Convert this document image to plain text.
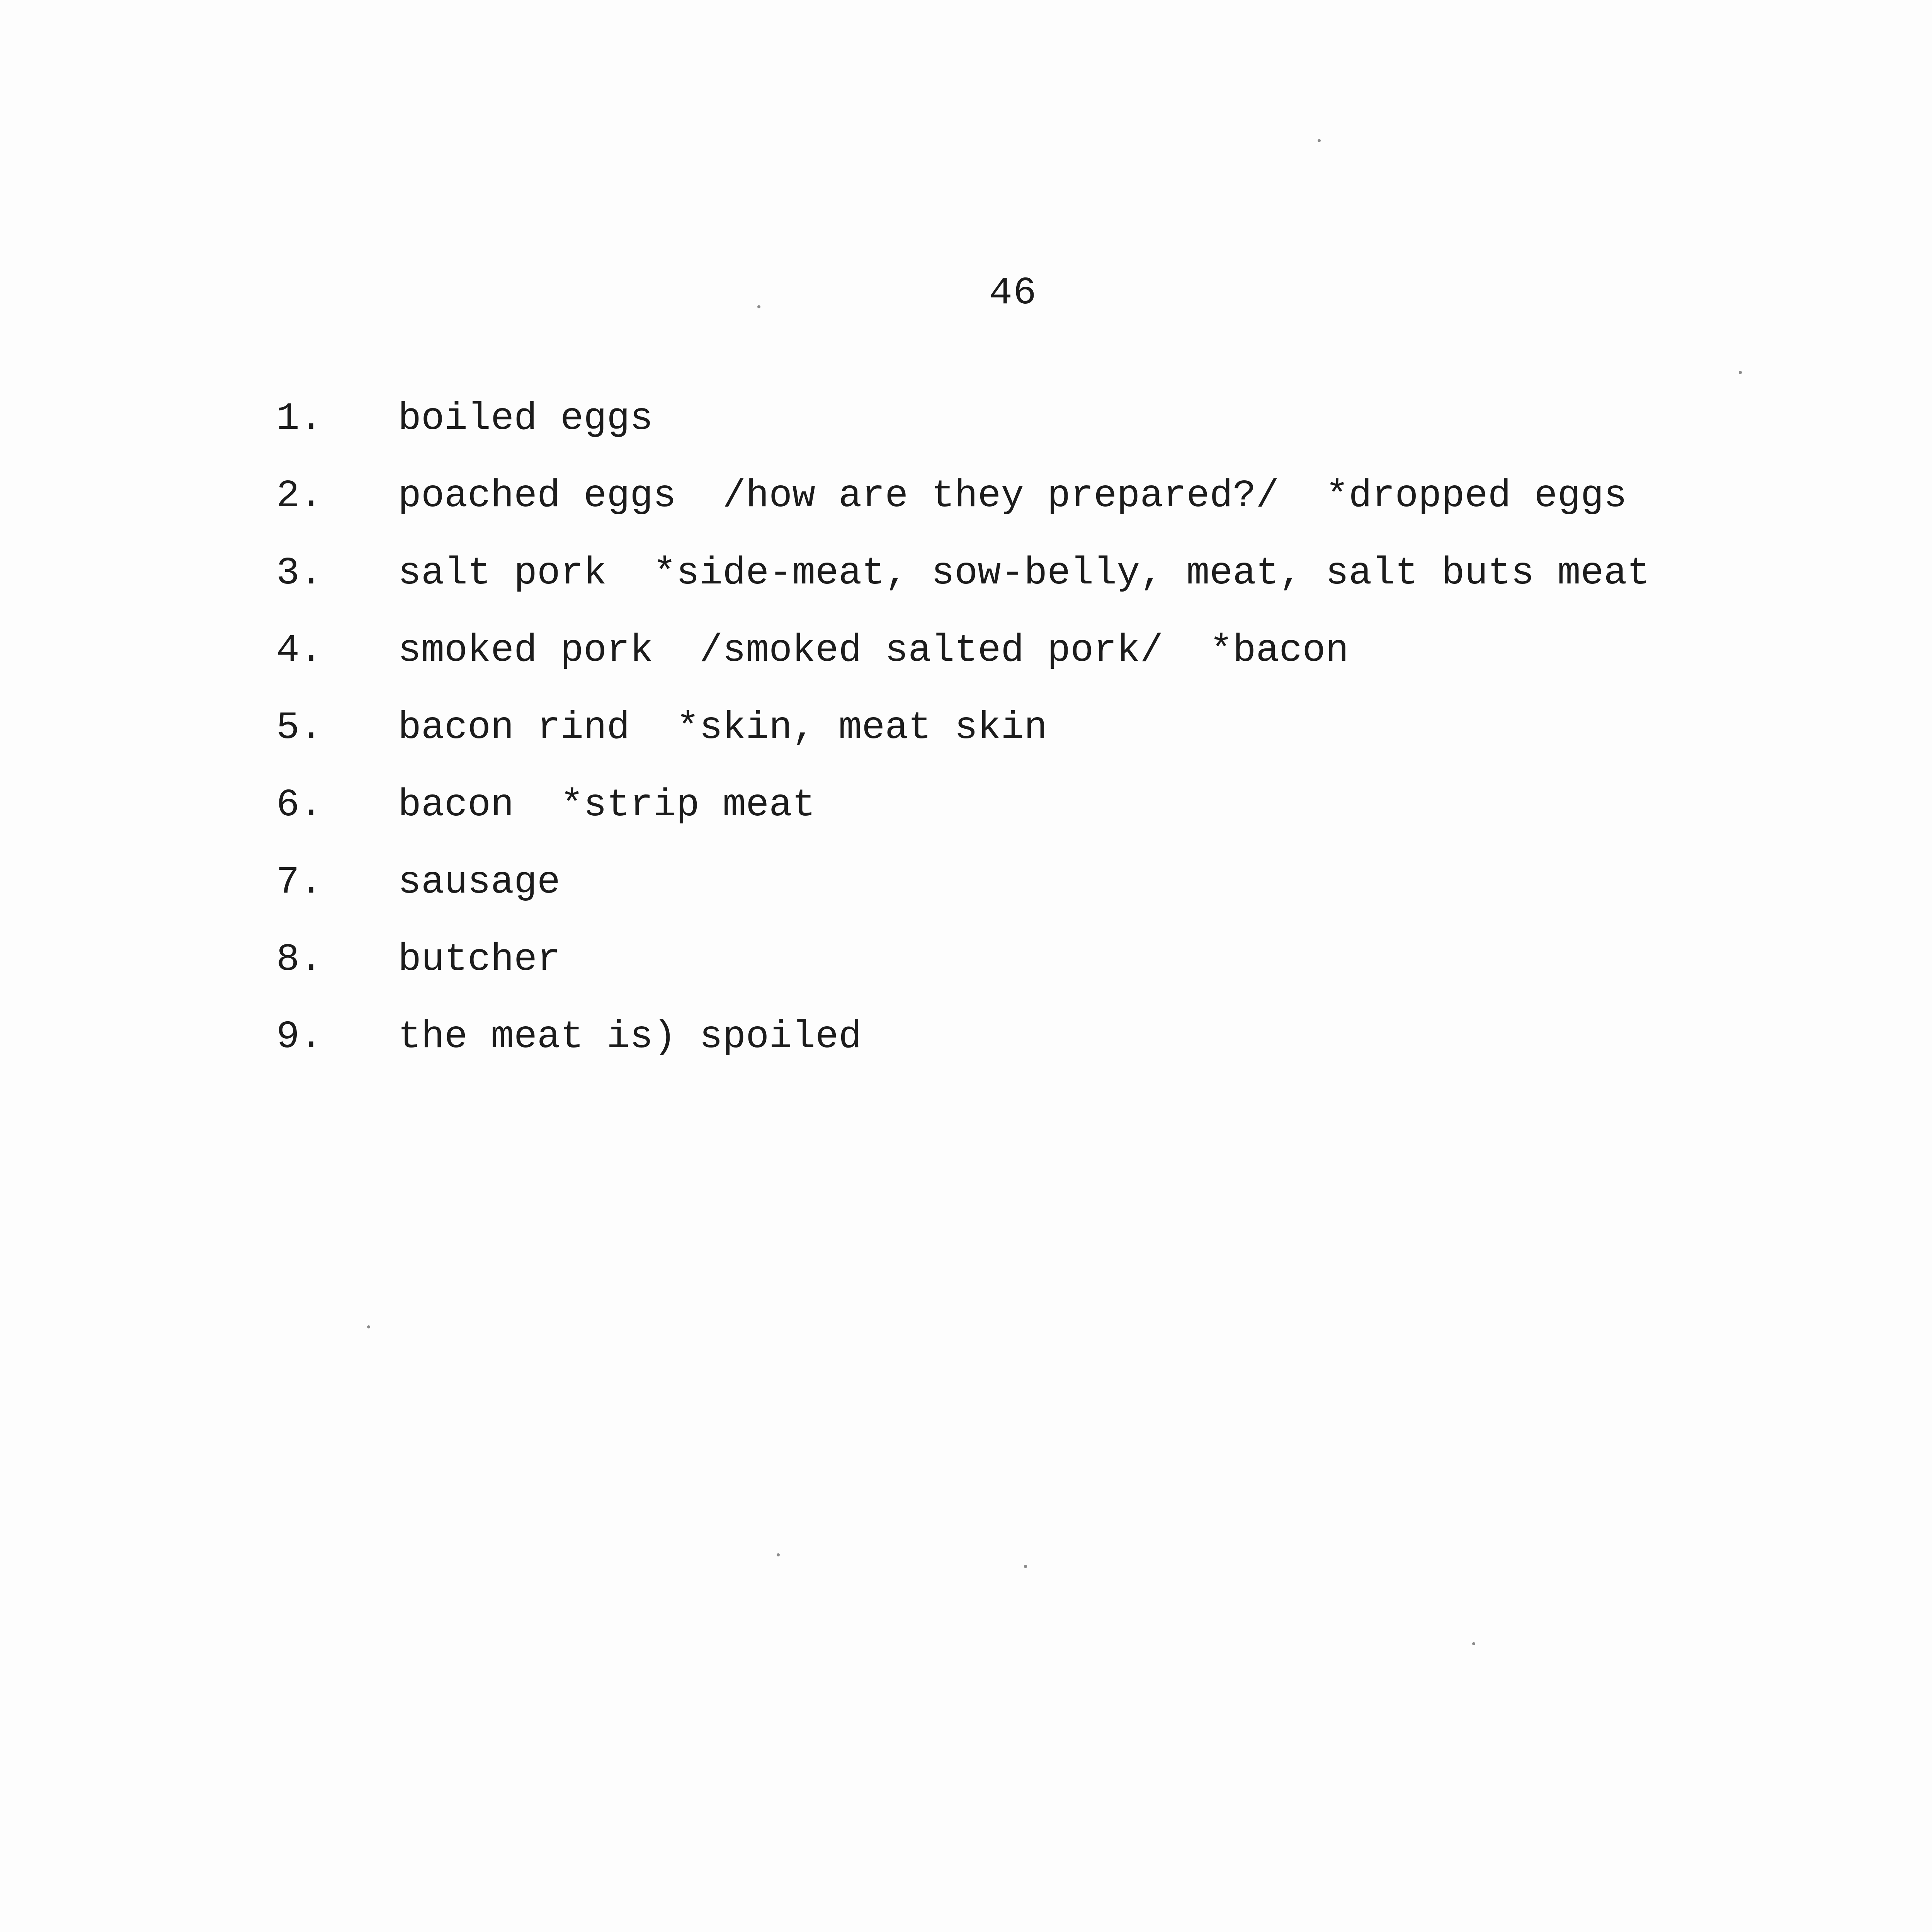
46

1.

boiled eggs

2.

poached eggs  /how are they prepared?/  *dropped eggs

3.

salt pork  *side-meat, sow-belly, meat, salt buts meat

4.

smoked pork  /smoked salted pork/  *bacon

5.

bacon rind  *skin, meat skin

6.

bacon  *strip meat

7.

sausage

8.

butcher

9.

the meat is) spoiled
